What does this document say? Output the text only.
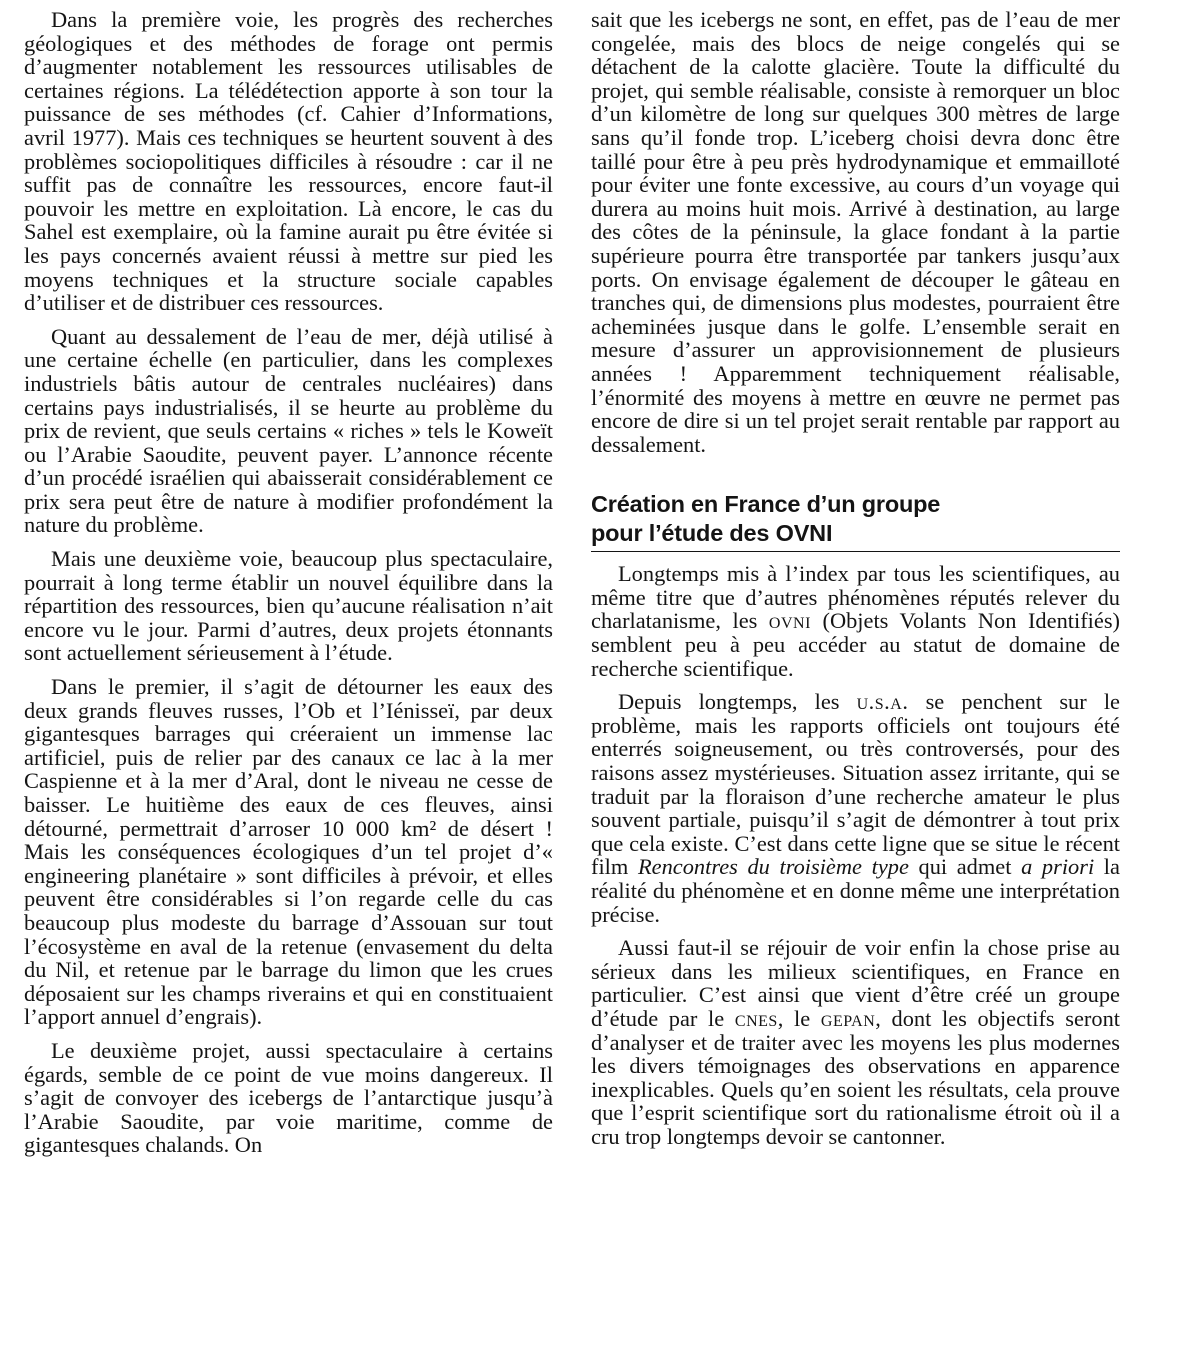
Dans la première voie, les progrès des recherches géologiques et des méthodes de forage ont permis d’augmenter notablement les ressources utilisables de certaines régions. La télédétection apporte à son tour la puissance de ses méthodes (cf. Cahier d’Informations, avril 1977). Mais ces techniques se heurtent souvent à des problèmes sociopolitiques difficiles à résoudre : car il ne suffit pas de connaître les ressources, encore faut-il pouvoir les mettre en exploitation. Là encore, le cas du Sahel est exemplaire, où la famine aurait pu être évitée si les pays concernés avaient réussi à mettre sur pied les moyens techniques et la structure sociale capables d’utiliser et de distribuer ces ressources.

Quant au dessalement de l’eau de mer, déjà utilisé à une certaine échelle (en particulier, dans les complexes industriels bâtis autour de centrales nucléaires) dans certains pays industrialisés, il se heurte au problème du prix de revient, que seuls certains « riches » tels le Koweït ou l’Arabie Saoudite, peuvent payer. L’annonce récente d’un procédé israélien qui abaisserait considérablement ce prix sera peut être de nature à modifier profondément la nature du problème.

Mais une deuxième voie, beaucoup plus spectaculaire, pourrait à long terme établir un nouvel équilibre dans la répartition des ressources, bien qu’aucune réalisation n’ait encore vu le jour. Parmi d’autres, deux projets étonnants sont actuellement sérieusement à l’étude.

Dans le premier, il s’agit de détourner les eaux des deux grands fleuves russes, l’Ob et l’Iénisseï, par deux gigantesques barrages qui créeraient un immense lac artificiel, puis de relier par des canaux ce lac à la mer Caspienne et à la mer d’Aral, dont le niveau ne cesse de baisser. Le huitième des eaux de ces fleuves, ainsi détourné, permettrait d’arroser 10 000 km² de désert ! Mais les conséquences écologiques d’un tel projet d’« engineering planétaire » sont difficiles à prévoir, et elles peuvent être considérables si l’on regarde celle du cas beaucoup plus modeste du barrage d’Assouan sur tout l’écosystème en aval de la retenue (envasement du delta du Nil, et retenue par le barrage du limon que les crues déposaient sur les champs riverains et qui en constituaient l’apport annuel d’engrais).

Le deuxième projet, aussi spectaculaire à certains égards, semble de ce point de vue moins dangereux. Il s’agit de convoyer des icebergs de l’antarctique jusqu’à l’Arabie Saoudite, par voie maritime, comme de gigantesques chalands. On

sait que les icebergs ne sont, en effet, pas de l’eau de mer congelée, mais des blocs de neige congelés qui se détachent de la calotte glacière. Toute la difficulté du projet, qui semble réalisable, consiste à remorquer un bloc d’un kilomètre de long sur quelques 300 mètres de large sans qu’il fonde trop. L’iceberg choisi devra donc être taillé pour être à peu près hydrodynamique et emmailloté pour éviter une fonte excessive, au cours d’un voyage qui durera au moins huit mois. Arrivé à destination, au large des côtes de la péninsule, la glace fondant à la partie supérieure pourra être transportée par tankers jusqu’aux ports. On envisage également de découper le gâteau en tranches qui, de dimensions plus modestes, pourraient être acheminées jusque dans le golfe. L’ensemble serait en mesure d’assurer un approvisionnement de plusieurs années ! Apparemment techniquement réalisable, l’énormité des moyens à mettre en œuvre ne permet pas encore de dire si un tel projet serait rentable par rapport au dessalement.

Création en France d’un groupe
pour l’étude des OVNI

Longtemps mis à l’index par tous les scientifiques, au même titre que d’autres phénomènes réputés relever du charlatanisme, les ovni (Objets Volants Non Identifiés) semblent peu à peu accéder au statut de domaine de recherche scientifique.

Depuis longtemps, les u.s.a. se penchent sur le problème, mais les rapports officiels ont toujours été enterrés soigneusement, ou très controversés, pour des raisons assez mystérieuses. Situation assez irritante, qui se traduit par la floraison d’une recherche amateur le plus souvent partiale, puisqu’il s’agit de démontrer à tout prix que cela existe. C’est dans cette ligne que se situe le récent film Rencontres du troisième type qui admet a priori la réalité du phénomène et en donne même une interprétation précise.

Aussi faut-il se réjouir de voir enfin la chose prise au sérieux dans les milieux scientifiques, en France en particulier. C’est ainsi que vient d’être créé un groupe d’étude par le cnes, le gepan, dont les objectifs seront d’analyser et de traiter avec les moyens les plus modernes les divers témoignages des observations en apparence inexplicables. Quels qu’en soient les résultats, cela prouve que l’esprit scientifique sort du rationalisme étroit où il a cru trop longtemps devoir se cantonner.
